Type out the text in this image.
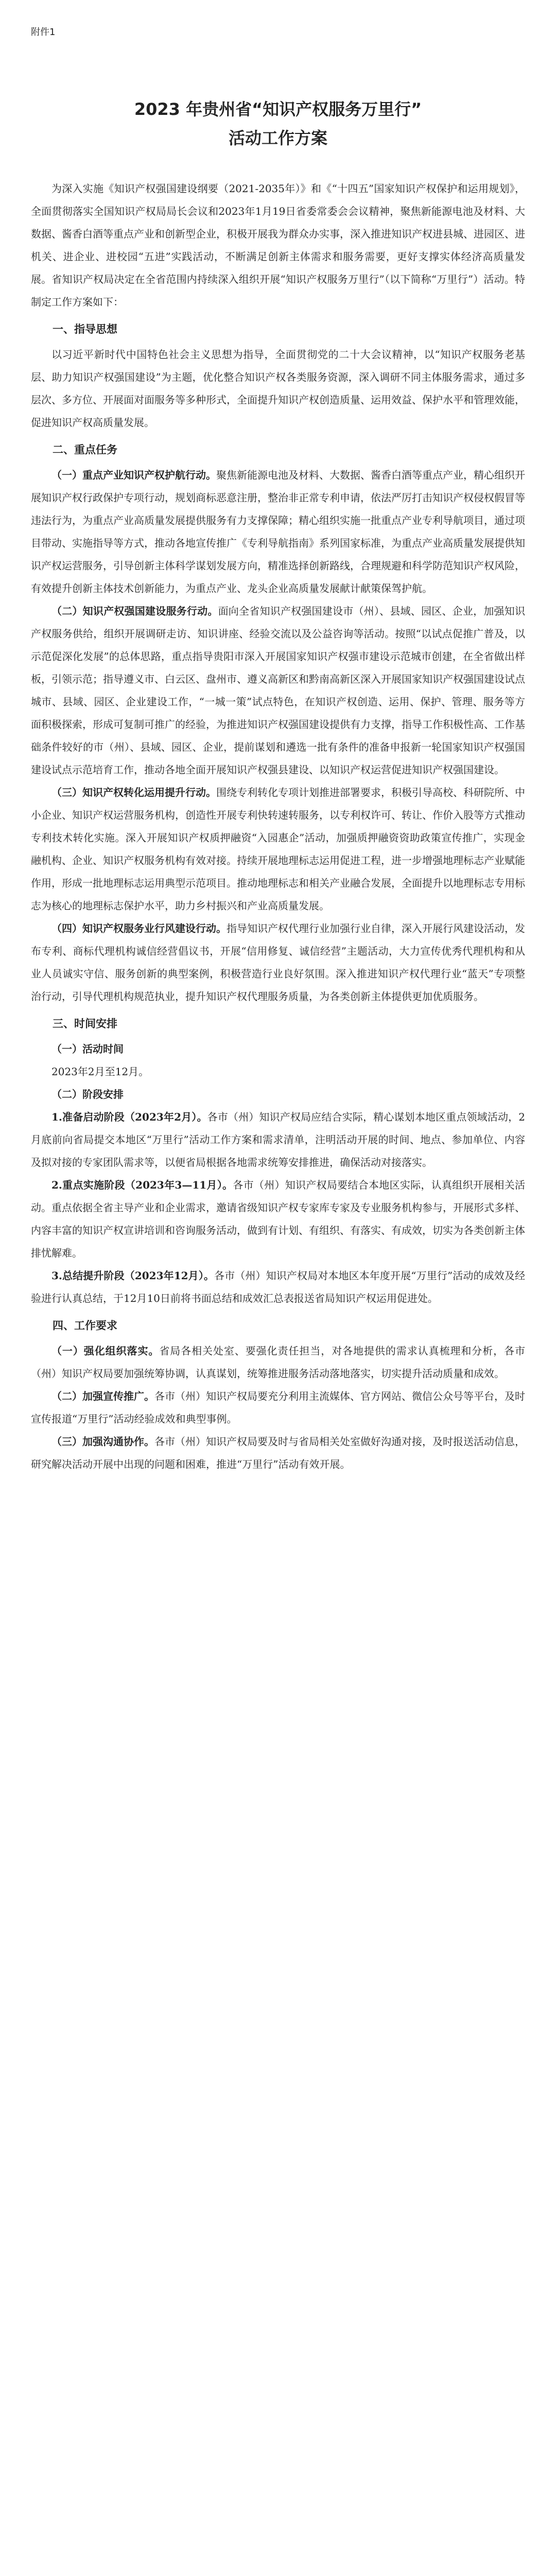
附件1
2023 年贵州省“知识产权服务万里行”
活动工作方案

为深入实施《知识产权强国建设纲要（2021-2035年）》和《“十四五”国家知识产权保护和运用规划》，全面贯彻落实全国知识产权局局长会议和2023年1月19日省委常委会会议精神，聚焦新能源电池及材料、大数据、酱香白酒等重点产业和创新型企业，积极开展我为群众办实事，深入推进知识产权进县城、进园区、进机关、进企业、进校园“五进”实践活动，不断满足创新主体需求和服务需要，更好支撑实体经济高质量发展。省知识产权局决定在全省范围内持续深入组织开展“知识产权服务万里行”（以下简称“万里行”）活动。特制定工作方案如下：

一、指导思想

以习近平新时代中国特色社会主义思想为指导，全面贯彻党的二十大会议精神，以“知识产权服务老基层、助力知识产权强国建设”为主题，优化整合知识产权各类服务资源，深入调研不同主体服务需求，通过多层次、多方位、开展面对面服务等多种形式，全面提升知识产权创造质量、运用效益、保护水平和管理效能，促进知识产权高质量发展。

二、重点任务

（一）重点产业知识产权护航行动。聚焦新能源电池及材料、大数据、酱香白酒等重点产业，精心组织开展知识产权行政保护专项行动，规划商标恶意注册，整治非正常专利申请，依法严厉打击知识产权侵权假冒等违法行为，为重点产业高质量发展提供服务有力支撑保障；精心组织实施一批重点产业专利导航项目，通过项目带动、实施指导等方式，推动各地宣传推广《专利导航指南》系列国家标准，为重点产业高质量发展提供知识产权运营服务，引导创新主体科学谋划发展方向，精准选择创新路线，合理规避和科学防范知识产权风险，有效提升创新主体技术创新能力，为重点产业、龙头企业高质量发展献计献策保驾护航。

（二）知识产权强国建设服务行动。面向全省知识产权强国建设市（州）、县域、园区、企业，加强知识产权服务供给，组织开展调研走访、知识讲座、经验交流以及公益咨询等活动。按照“以试点促推广普及，以示范促深化发展”的总体思路，重点指导贵阳市深入开展国家知识产权强市建设示范城市创建，在全省做出样板，引领示范；指导遵义市、白云区、盘州市、遵义高新区和黔南高新区深入开展国家知识产权强国建设试点城市、县域、园区、企业建设工作，“一城一策”试点特色，在知识产权创造、运用、保护、管理、服务等方面积极探索，形成可复制可推广的经验，为推进知识产权强国建设提供有力支撑，指导工作积极性高、工作基础条件较好的市（州）、县域、园区、企业，提前谋划和遴选一批有条件的准备申报新一轮国家知识产权强国建设试点示范培育工作，推动各地全面开展知识产权强县建设、以知识产权运营促进知识产权强国建设。

（三）知识产权转化运用提升行动。围绕专利转化专项计划推进部署要求，积极引导高校、科研院所、中小企业、知识产权运营服务机构，创造性开展专利快转速转服务，以专利权许可、转让、作价入股等方式推动专利技术转化实施。深入开展知识产权质押融资“入园惠企”活动，加强质押融资资助政策宣传推广，实现金融机构、企业、知识产权服务机构有效对接。持续开展地理标志运用促进工程，进一步增强地理标志产业赋能作用，形成一批地理标志运用典型示范项目。推动地理标志和相关产业融合发展，全面提升以地理标志专用标志为核心的地理标志保护水平，助力乡村振兴和产业高质量发展。

（四）知识产权服务业行风建设行动。指导知识产权代理行业加强行业自律，深入开展行风建设活动，发布专利、商标代理机构诚信经营倡议书，开展“信用修复、诚信经营”主题活动，大力宣传优秀代理机构和从业人员诚实守信、服务创新的典型案例，积极营造行业良好氛围。深入推进知识产权代理行业“蓝天”专项整治行动，引导代理机构规范执业，提升知识产权代理服务质量，为各类创新主体提供更加优质服务。

三、时间安排

（一）活动时间

2023年2月至12月。

（二）阶段安排

1.准备启动阶段（2023年2月）。各市（州）知识产权局应结合实际，精心谋划本地区重点领域活动，2月底前向省局提交本地区“万里行”活动工作方案和需求清单，注明活动开展的时间、地点、参加单位、内容及拟对接的专家团队需求等，以便省局根据各地需求统筹安排推进，确保活动对接落实。

2.重点实施阶段（2023年3—11月）。各市（州）知识产权局要结合本地区实际，认真组织开展相关活动。重点依据全省主导产业和企业需求，邀请省级知识产权专家库专家及专业服务机构参与，开展形式多样、内容丰富的知识产权宣讲培训和咨询服务活动，做到有计划、有组织、有落实、有成效，切实为各类创新主体排忧解难。

3.总结提升阶段（2023年12月）。各市（州）知识产权局对本地区本年度开展“万里行”活动的成效及经验进行认真总结，于12月10日前将书面总结和成效汇总表报送省局知识产权运用促进处。

四、工作要求

（一）强化组织落实。省局各相关处室、要强化责任担当，对各地提供的需求认真梳理和分析，各市（州）知识产权局要加强统筹协调，认真谋划，统筹推进服务活动落地落实，切实提升活动质量和成效。

（二）加强宣传推广。各市（州）知识产权局要充分利用主流媒体、官方网站、微信公众号等平台，及时宣传报道“万里行”活动经验成效和典型事例。

（三）加强沟通协作。各市（州）知识产权局要及时与省局相关处室做好沟通对接，及时报送活动信息，研究解决活动开展中出现的问题和困难，推进“万里行”活动有效开展。
